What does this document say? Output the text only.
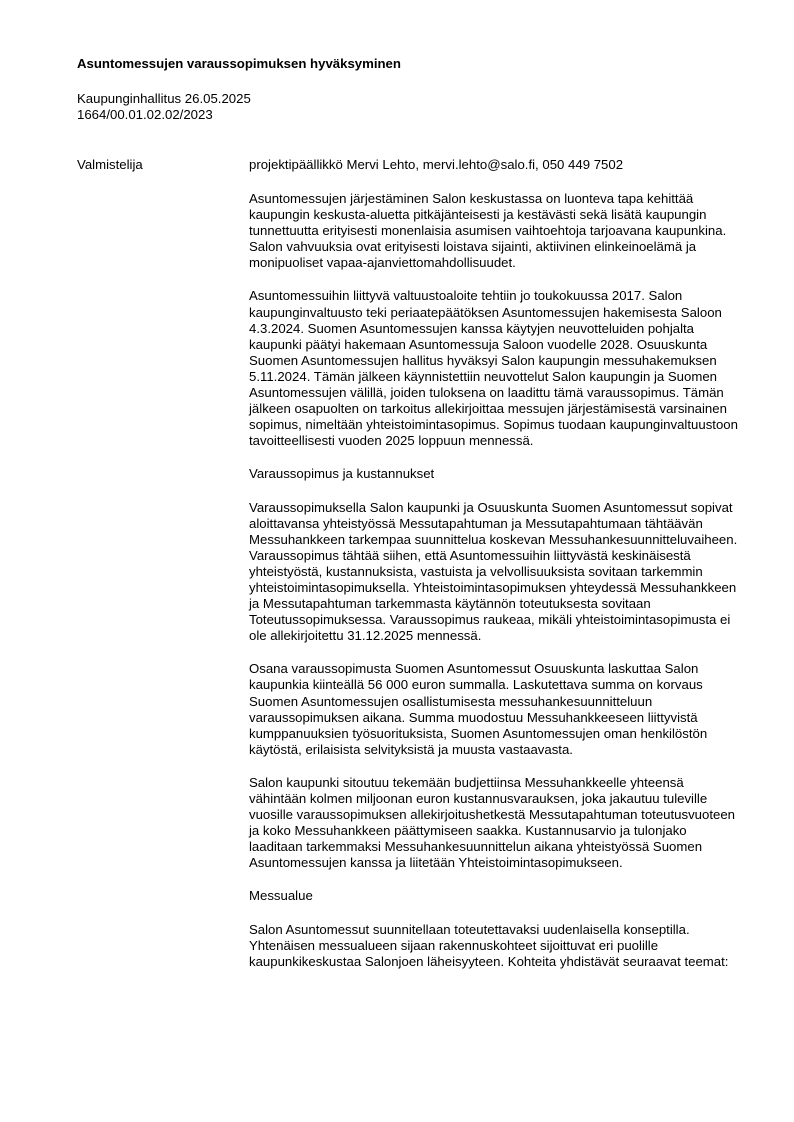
Asuntomessujen varaussopimuksen hyväksyminen
Kaupunginhallitus 26.05.2025
1664/00.01.02.02/2023
Valmistelija	projektipäällikkö Mervi Lehto, mervi.lehto@salo.fi, 050 449 7502

Asuntomessujen järjestäminen Salon keskustassa on luonteva tapa kehittää kaupungin keskusta-aluetta pitkäjänteisesti ja kestävästi sekä lisätä kaupungin tunnettuutta erityisesti monenlaisia asumisen vaihtoehtoja tarjoavana kaupunkina. Salon vahvuuksia ovat erityisesti loistava sijainti, aktiivinen elinkeinoelämä ja monipuoliset vapaa-ajanviettomahdollisuudet.

Asuntomessuihin liittyvä valtuustoaloite tehtiin jo toukokuussa 2017. Salon kaupunginvaltuusto teki periaatepäätöksen Asuntomessujen hakemisesta Saloon 4.3.2024. Suomen Asuntomessujen kanssa käytyjen neuvotteluiden pohjalta kaupunki päätyi hakemaan Asuntomessuja Saloon vuodelle 2028. Osuuskunta Suomen Asuntomessujen hallitus hyväksyi Salon kaupungin messuhakemuksen 5.11.2024. Tämän jälkeen käynnistettiin neuvottelut Salon kaupungin ja Suomen Asuntomessujen välillä, joiden tuloksena on laadittu tämä varaussopimus. Tämän jälkeen osapuolten on tarkoitus allekirjoittaa messujen järjestämisestä varsinainen sopimus, nimeltään yhteistoimintasopimus. Sopimus tuodaan kaupunginvaltuustoon tavoitteellisesti vuoden 2025 loppuun mennessä.

Varaussopimus ja kustannukset

Varaussopimuksella Salon kaupunki ja Osuuskunta Suomen Asuntomessut sopivat aloittavansa yhteistyössä Messutapahtuman ja Messutapahtumaan tähtäävän Messuhankkeen tarkempaa suunnittelua koskevan Messuhankesuunnitteluvaiheen. Varaussopimus tähtää siihen, että Asuntomessuihin liittyvästä keskinäisestä yhteistyöstä, kustannuksista, vastuista ja velvollisuuksista sovitaan tarkemmin yhteistoimintasopimuksella. Yhteistoimintasopimuksen yhteydessä Messuhankkeen ja Messutapahtuman tarkemmasta käytännön toteutuksesta sovitaan Toteutussopimuksessa. Varaussopimus raukeaa, mikäli yhteistoimintasopimusta ei ole allekirjoitettu 31.12.2025 mennessä.

Osana varaussopimusta Suomen Asuntomessut Osuuskunta laskuttaa Salon kaupunkia kiinteällä 56 000 euron summalla. Laskutettava summa on korvaus Suomen Asuntomessujen osallistumisesta messuhankesuunnitteluun varaussopimuksen aikana. Summa muodostuu Messuhankkeeseen liittyvistä kumppanuuksien työsuorituksista, Suomen Asuntomessujen oman henkilöstön käytöstä, erilaisista selvityksistä ja muusta vastaavasta.

Salon kaupunki sitoutuu tekemään budjettiinsa Messuhankkeelle yhteensä vähintään kolmen miljoonan euron kustannusvarauksen, joka jakautuu tuleville vuosille varaussopimuksen allekirjoitushetkestä Messutapahtuman toteutusvuoteen ja koko Messuhankkeen päättymiseen saakka. Kustannusarvio ja tulonjako laaditaan tarkemmaksi Messuhankesuunnittelun aikana yhteistyössä Suomen Asuntomessujen kanssa ja liitetään Yhteistoimintasopimukseen.

Messualue

Salon Asuntomessut suunnitellaan toteutettavaksi uudenlaisella konseptilla. Yhtenäisen messualueen sijaan rakennuskohteet sijoittuvat eri puolille kaupunkikeskustaa Salonjoen läheisyyteen. Kohteita yhdistävät seuraavat teemat:
